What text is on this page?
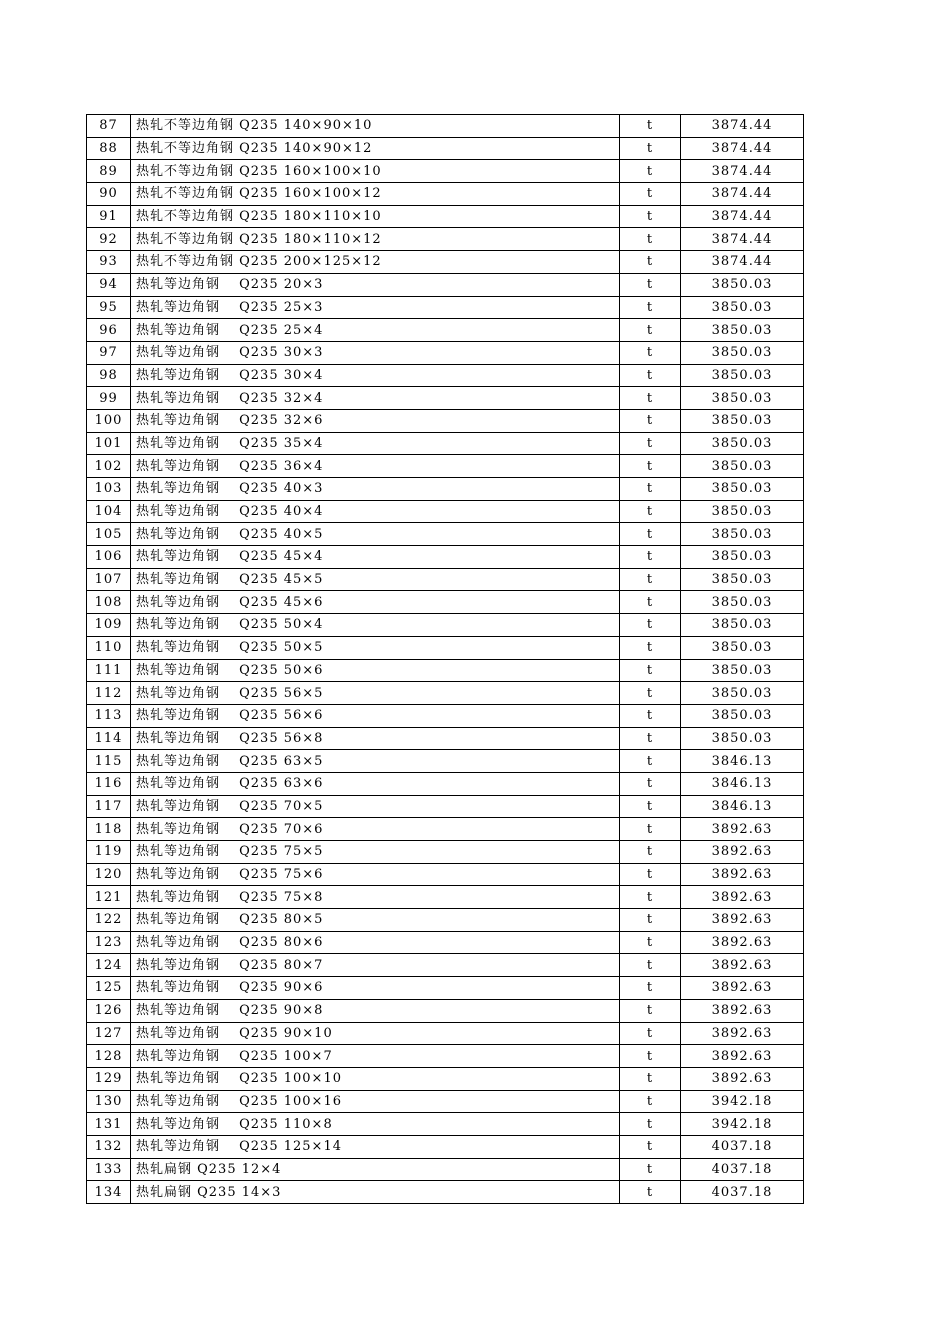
87	热轧不等边角钢 Q235 140×90×10	t	3874.44
88	热轧不等边角钢 Q235 140×90×12	t	3874.44
89	热轧不等边角钢 Q235 160×100×10	t	3874.44
90	热轧不等边角钢 Q235 160×100×12	t	3874.44
91	热轧不等边角钢 Q235 180×110×10	t	3874.44
92	热轧不等边角钢 Q235 180×110×12	t	3874.44
93	热轧不等边角钢 Q235 200×125×12	t	3874.44
94	热轧等边角钢　 Q235 20×3	t	3850.03
95	热轧等边角钢　 Q235 25×3	t	3850.03
96	热轧等边角钢　 Q235 25×4	t	3850.03
97	热轧等边角钢　 Q235 30×3	t	3850.03
98	热轧等边角钢　 Q235 30×4	t	3850.03
99	热轧等边角钢　 Q235 32×4	t	3850.03
100	热轧等边角钢　 Q235 32×6	t	3850.03
101	热轧等边角钢　 Q235 35×4	t	3850.03
102	热轧等边角钢　 Q235 36×4	t	3850.03
103	热轧等边角钢　 Q235 40×3	t	3850.03
104	热轧等边角钢　 Q235 40×4	t	3850.03
105	热轧等边角钢　 Q235 40×5	t	3850.03
106	热轧等边角钢　 Q235 45×4	t	3850.03
107	热轧等边角钢　 Q235 45×5	t	3850.03
108	热轧等边角钢　 Q235 45×6	t	3850.03
109	热轧等边角钢　 Q235 50×4	t	3850.03
110	热轧等边角钢　 Q235 50×5	t	3850.03
111	热轧等边角钢　 Q235 50×6	t	3850.03
112	热轧等边角钢　 Q235 56×5	t	3850.03
113	热轧等边角钢　 Q235 56×6	t	3850.03
114	热轧等边角钢　 Q235 56×8	t	3850.03
115	热轧等边角钢　 Q235 63×5	t	3846.13
116	热轧等边角钢　 Q235 63×6	t	3846.13
117	热轧等边角钢　 Q235 70×5	t	3846.13
118	热轧等边角钢　 Q235 70×6	t	3892.63
119	热轧等边角钢　 Q235 75×5	t	3892.63
120	热轧等边角钢　 Q235 75×6	t	3892.63
121	热轧等边角钢　 Q235 75×8	t	3892.63
122	热轧等边角钢　 Q235 80×5	t	3892.63
123	热轧等边角钢　 Q235 80×6	t	3892.63
124	热轧等边角钢　 Q235 80×7	t	3892.63
125	热轧等边角钢　 Q235 90×6	t	3892.63
126	热轧等边角钢　 Q235 90×8	t	3892.63
127	热轧等边角钢　 Q235 90×10	t	3892.63
128	热轧等边角钢　 Q235 100×7	t	3892.63
129	热轧等边角钢　 Q235 100×10	t	3892.63
130	热轧等边角钢　 Q235 100×16	t	3942.18
131	热轧等边角钢　 Q235 110×8	t	3942.18
132	热轧等边角钢　 Q235 125×14	t	4037.18
133	热轧扁钢 Q235 12×4	t	4037.18
134	热轧扁钢 Q235 14×3	t	4037.18
